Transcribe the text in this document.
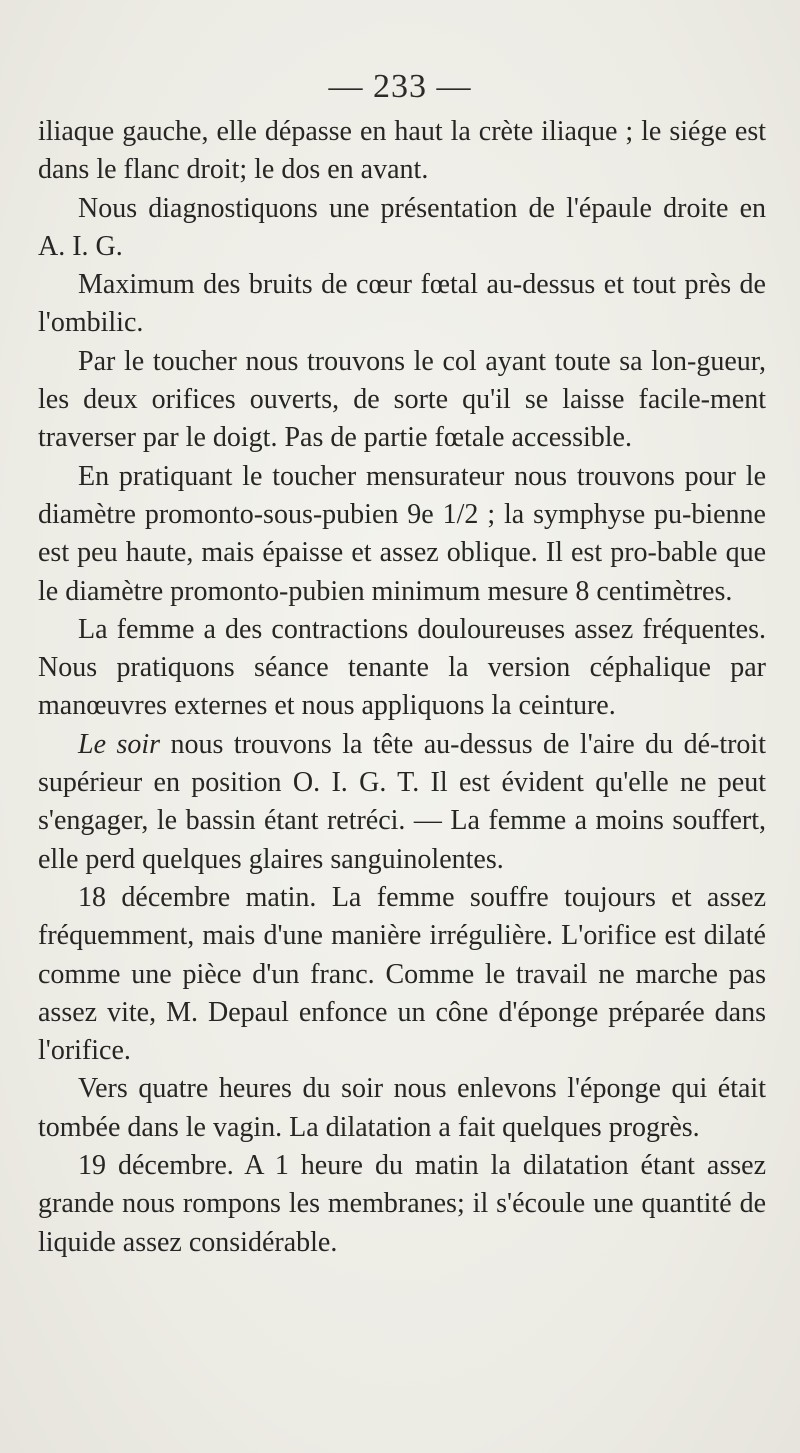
— 233 —

iliaque gauche, elle dépasse en haut la crète iliaque ; le siége est dans le flanc droit; le dos en avant.

Nous diagnostiquons une présentation de l'épaule droite en A. I. G.

Maximum des bruits de cœur fœtal au-dessus et tout près de l'ombilic.

Par le toucher nous trouvons le col ayant toute sa lon-gueur, les deux orifices ouverts, de sorte qu'il se laisse facile-ment traverser par le doigt. Pas de partie fœtale accessible.

En pratiquant le toucher mensurateur nous trouvons pour le diamètre promonto-sous-pubien 9e 1/2 ; la symphyse pu-bienne est peu haute, mais épaisse et assez oblique. Il est pro-bable que le diamètre promonto-pubien minimum mesure 8 centimètres.

La femme a des contractions douloureuses assez fréquentes. Nous pratiquons séance tenante la version céphalique par manœuvres externes et nous appliquons la ceinture.

Le soir nous trouvons la tête au-dessus de l'aire du dé-troit supérieur en position O. I. G. T. Il est évident qu'elle ne peut s'engager, le bassin étant retréci. — La femme a moins souffert, elle perd quelques glaires sanguinolentes.

18 décembre matin. La femme souffre toujours et assez fréquemment, mais d'une manière irrégulière. L'orifice est dilaté comme une pièce d'un franc. Comme le travail ne marche pas assez vite, M. Depaul enfonce un cône d'éponge préparée dans l'orifice.

Vers quatre heures du soir nous enlevons l'éponge qui était tombée dans le vagin. La dilatation a fait quelques progrès.

19 décembre. A 1 heure du matin la dilatation étant assez grande nous rompons les membranes; il s'écoule une quantité de liquide assez considérable.
